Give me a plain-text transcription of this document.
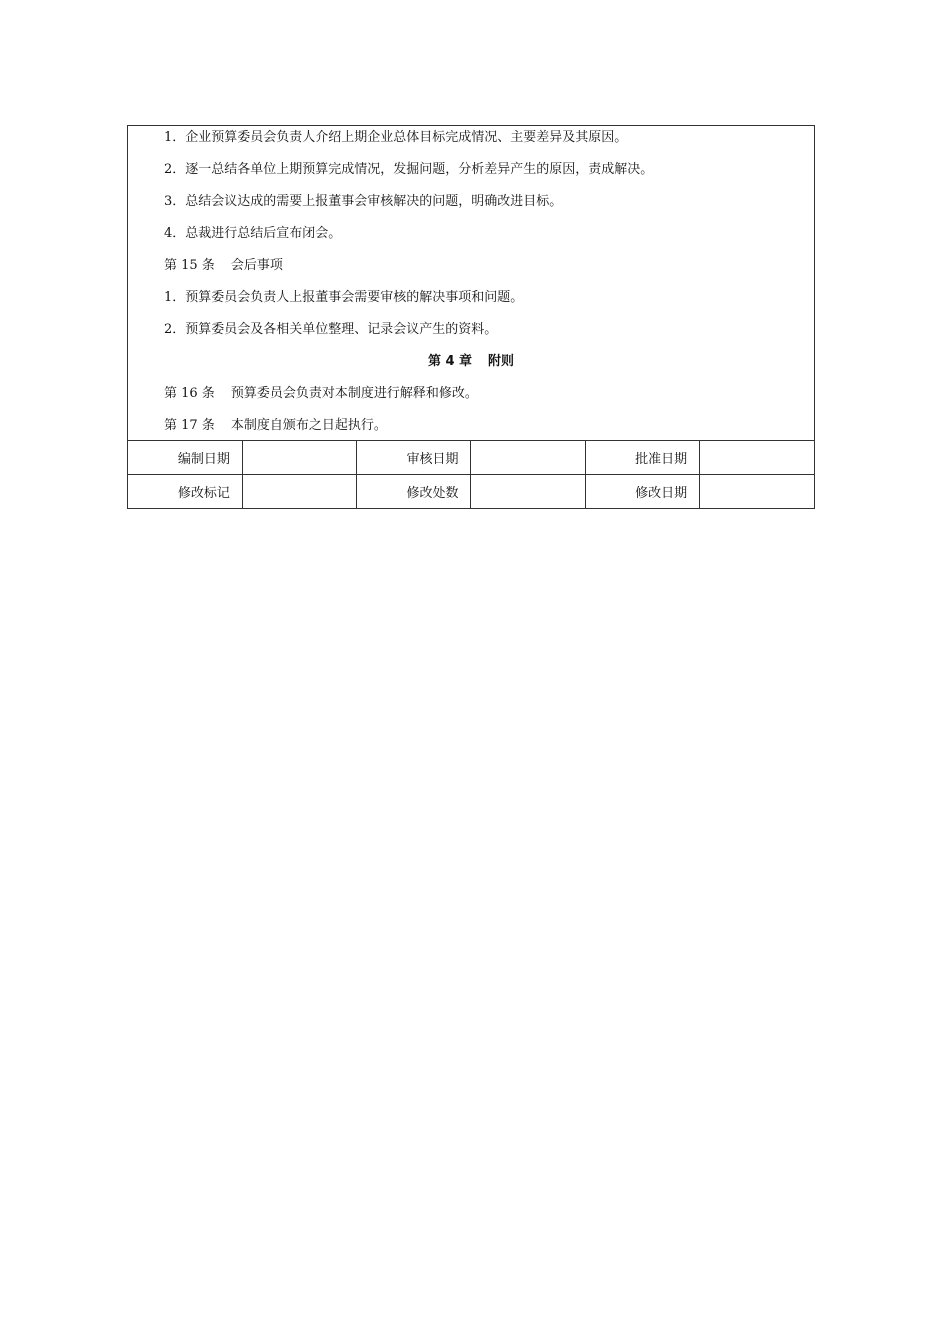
1．企业预算委员会负责人介绍上期企业总体目标完成情况、主要差异及其原因。
2．逐一总结各单位上期预算完成情况，发掘问题，分析差异产生的原因，责成解决。
3．总结会议达成的需要上报董事会审核解决的问题，明确改进目标。
4．总裁进行总结后宣布闭会。
第 15 条 会后事项
1．预算委员会负责人上报董事会需要审核的解决事项和问题。
2．预算委员会及各相关单位整理、记录会议产生的资料。
第 4 章 附则
第 16 条 预算委员会负责对本制度进行解释和修改。
第 17 条 本制度自颁布之日起执行。
编制日期		审核日期		批准日期	
修改标记		修改处数		修改日期	
